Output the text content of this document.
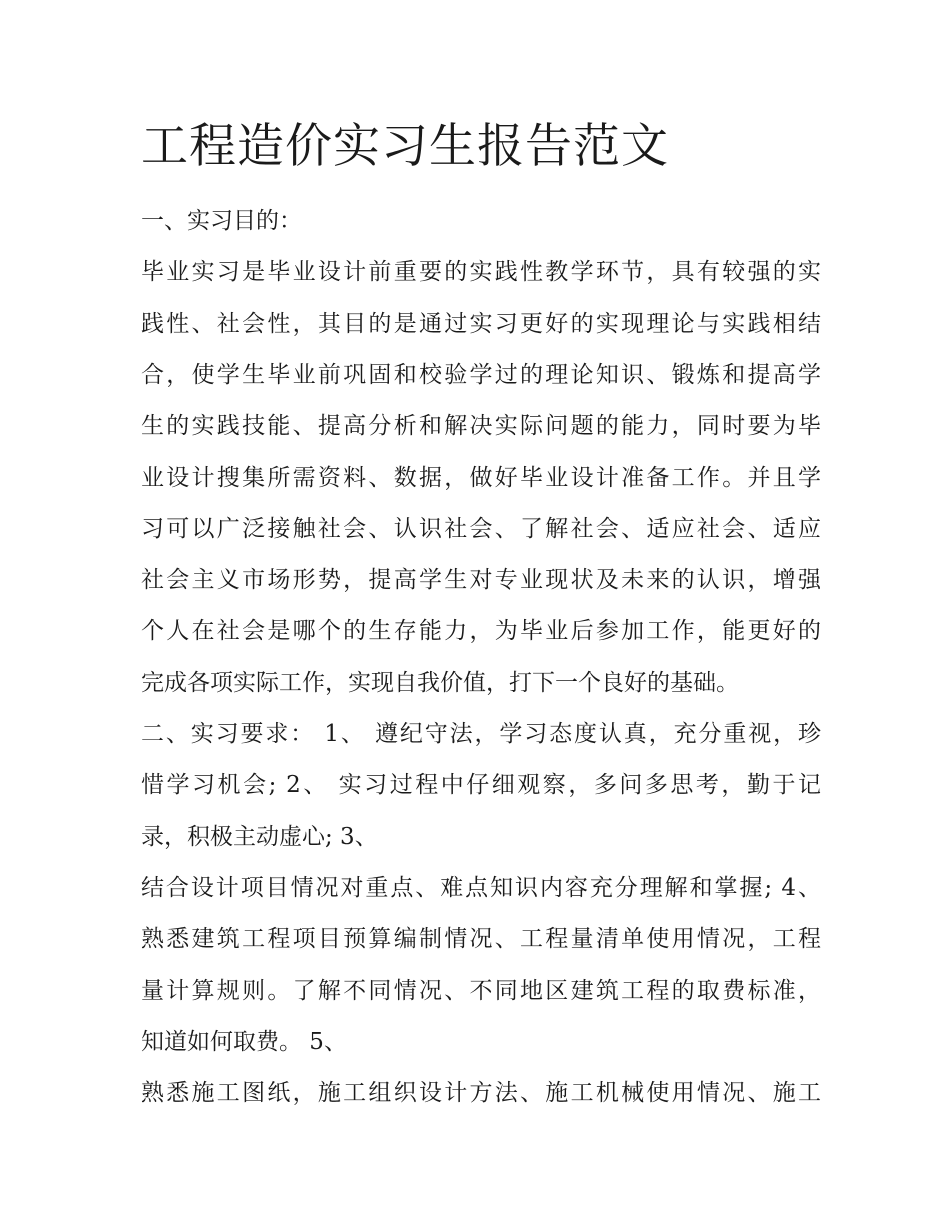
工程造价实习生报告范文

一、实习目的：

毕业实习是毕业设计前重要的实践性教学环节，具有较强的实

践性、社会性，其目的是通过实习更好的实现理论与实践相结

合，使学生毕业前巩固和校验学过的理论知识、锻炼和提高学

生的实践技能、提高分析和解决实际问题的能力，同时要为毕

业设计搜集所需资料、数据，做好毕业设计准备工作。并且学

习可以广泛接触社会、认识社会、了解社会、适应社会、适应

社会主义市场形势，提高学生对专业现状及未来的认识，增强

个人在社会是哪个的生存能力，为毕业后参加工作，能更好的

完成各项实际工作，实现自我价值，打下一个良好的基础。

二、实习要求： 1、 遵纪守法，学习态度认真，充分重视，珍

惜学习机会; 2、 实习过程中仔细观察，多问多思考，勤于记

录，积极主动虚心; 3、

结合设计项目情况对重点、难点知识内容充分理解和掌握; 4、

熟悉建筑工程项目预算编制情况、工程量清单使用情况，工程

量计算规则。了解不同情况、不同地区建筑工程的取费标准，

知道如何取费。 5、

熟悉施工图纸，施工组织设计方法、施工机械使用情况、施工
